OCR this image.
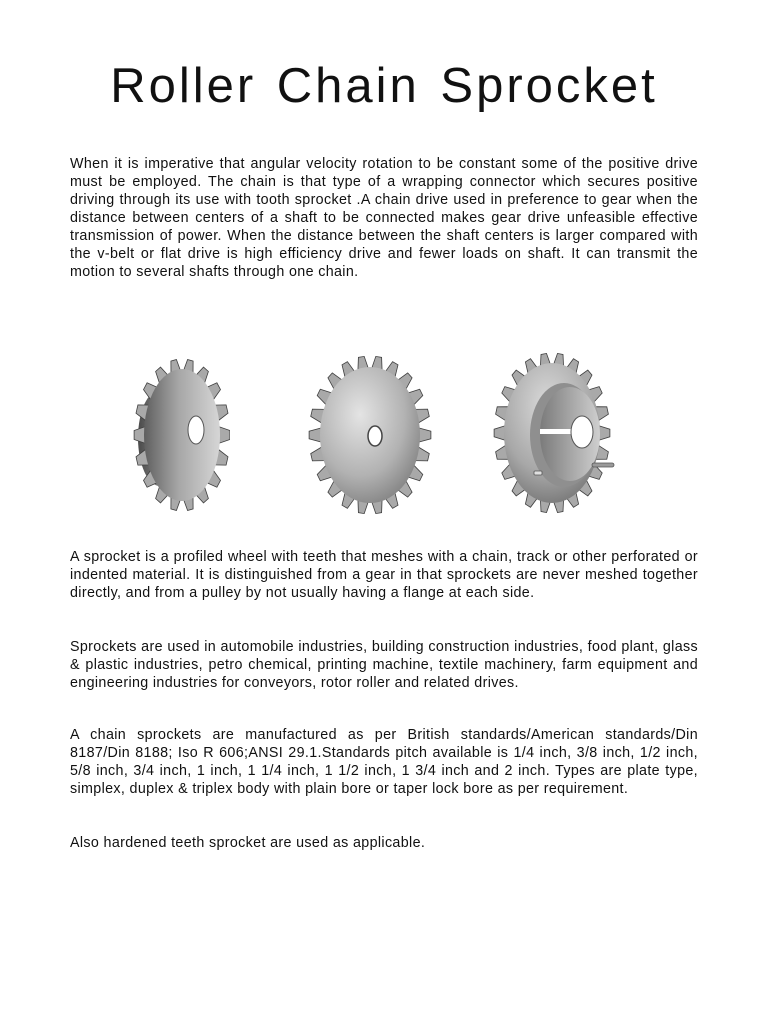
Roller Chain Sprocket

When it is imperative that angular velocity rotation to be constant some of the positive drive must be employed. The chain is that type of a wrapping connector which secures positive driving through its use with tooth sprocket .A chain drive used in preference to gear when the distance between centers of a shaft to be connected makes gear drive unfeasible effective transmission of power. When the distance between the shaft centers is larger compared with the v-belt or flat drive is high efficiency drive and fewer loads on shaft. It can transmit the motion to several shafts through one chain.

A sprocket is a profiled wheel with teeth that meshes with a chain, track or other perforated or indented material. It is distinguished from a gear in that sprockets are never meshed together directly, and from a pulley by not usually having a flange at each side.

Sprockets are used in automobile industries, building construction industries, food plant, glass & plastic industries, petro chemical, printing machine, textile machinery, farm equipment and engineering industries for conveyors, rotor roller and related drives.

A chain sprockets are manufactured as per British standards/American standards/Din 8187/Din 8188; Iso R 606;ANSI 29.1.Standards pitch available is 1/4 inch, 3/8 inch, 1/2 inch, 5/8 inch, 3/4 inch, 1 inch, 1 1/4 inch, 1 1/2 inch, 1 3/4 inch and 2 inch. Types are plate type, simplex, duplex & triplex body with plain bore or taper lock bore as per requirement.

Also hardened teeth sprocket are used as applicable.
